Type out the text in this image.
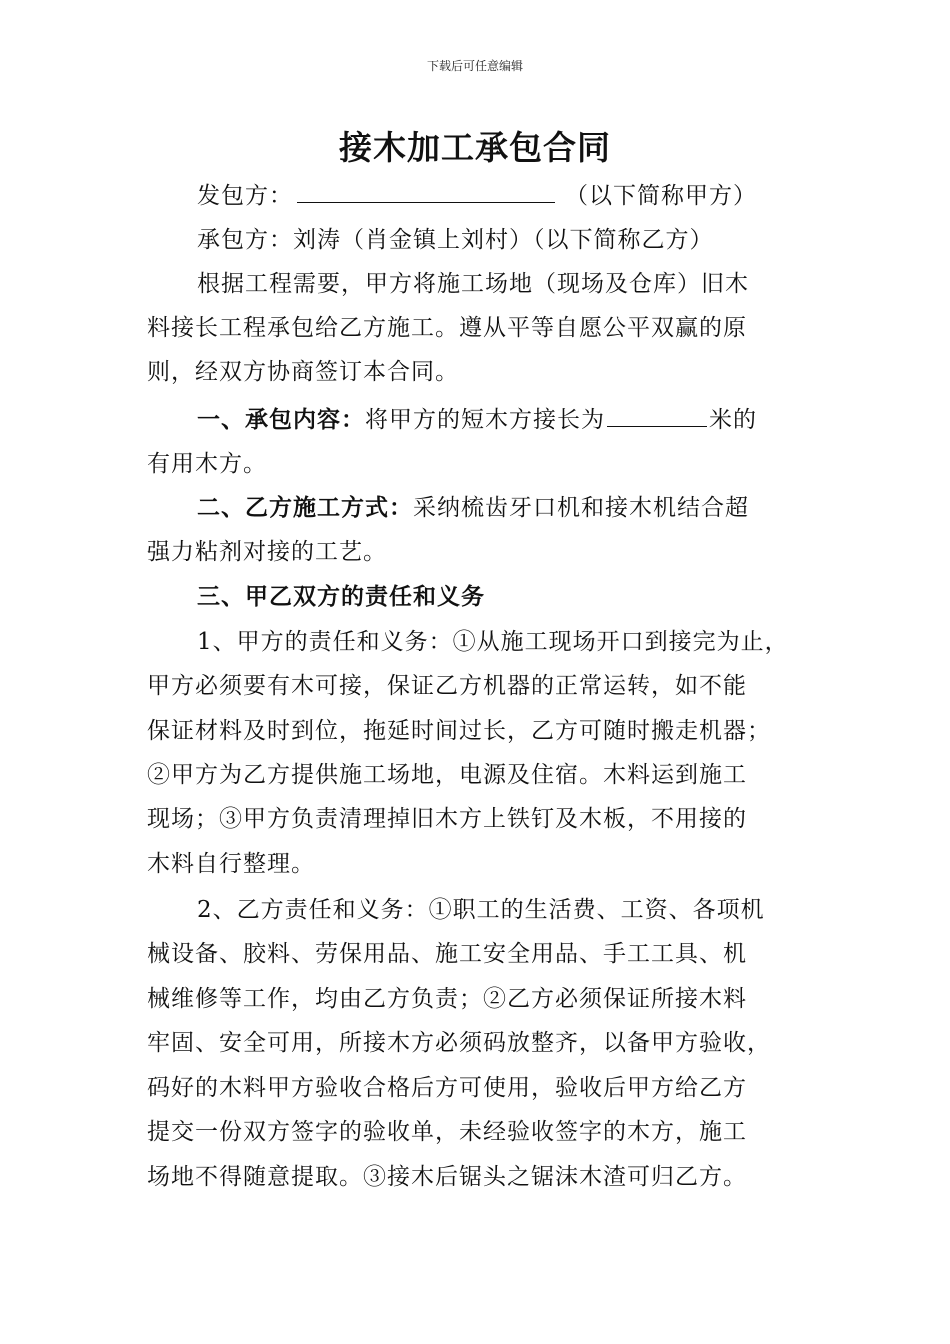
下载后可任意编辑
接木加工承包合同
发包方：	（以下简称甲方）
承包方：刘涛（肖金镇上刘村）（以下简称乙方）
根据工程需要，甲方将施工场地（现场及仓库）旧木
料接长工程承包给乙方施工。遵从平等自愿公平双赢的原
则，经双方协商签订本合同。
一、承包内容：将甲方的短木方接长为	米的
有用木方。
二、乙方施工方式：采纳梳齿牙口机和接木机结合超
强力粘剂对接的工艺。
三、甲乙双方的责任和义务
1、甲方的责任和义务：①从施工现场开口到接完为止，
甲方必须要有木可接，保证乙方机器的正常运转，如不能
保证材料及时到位，拖延时间过长，乙方可随时搬走机器；
②甲方为乙方提供施工场地，电源及住宿。木料运到施工
现场；③甲方负责清理掉旧木方上铁钉及木板，不用接的
木料自行整理。
2、乙方责任和义务：①职工的生活费、工资、各项机
械设备、胶料、劳保用品、施工安全用品、手工工具、机
械维修等工作，均由乙方负责；②乙方必须保证所接木料
牢固、安全可用，所接木方必须码放整齐，以备甲方验收，
码好的木料甲方验收合格后方可使用，验收后甲方给乙方
提交一份双方签字的验收单，未经验收签字的木方，施工
场地不得随意提取。③接木后锯头之锯沫木渣可归乙方。
